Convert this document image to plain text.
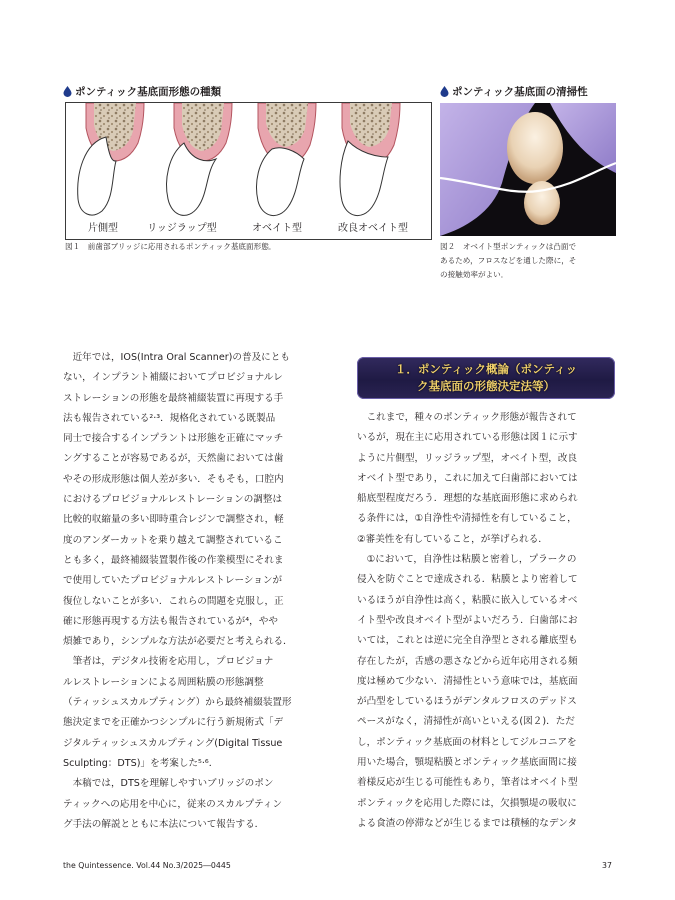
ポンティック基底面形態の種類
片側型	リッジラップ型	オベイト型	改良オベイト型
図１　前歯部ブリッジに応用されるポンティック基底面形態．
ポンティック基底面の清掃性
図２　オベイト型ポンティックは凸面で
あるため，フロスなどを通した際に，そ
の接触効率がよい．
近年では，IOS(Intra Oral Scanner)の普及にとも
ない，インプラント補綴においてプロビジョナルレ
ストレーションの形態を最終補綴装置に再現する手
法も報告されている²·³．規格化されている既製品
同士で接合するインプラントは形態を正確にマッチ
ングすることが容易であるが，天然歯においては歯
やその形成形態は個人差が多い．そもそも，口腔内
におけるプロビジョナルレストレーションの調整は
比較的収縮量の多い即時重合レジンで調整され，軽
度のアンダーカットを乗り越えて調整されているこ
とも多く，最終補綴装置製作後の作業模型にそれま
で使用していたプロビジョナルレストレーションが
復位しないことが多い．これらの問題を克服し，正
確に形態再現する方法も報告されているが⁴，やや
煩雑であり，シンプルな方法が必要だと考えられる．
筆者は，デジタル技術を応用し，プロビジョナ
ルレストレーションによる周囲粘膜の形態調整
（ティッシュスカルプティング）から最終補綴装置形
態決定までを正確かつシンプルに行う新規術式「デ
ジタルティッシュスカルプティング(Digital Tissue
Sculpting：DTS)」を考案した⁵·⁶．
本稿では，DTSを理解しやすいブリッジのポン
ティックへの応用を中心に，従来のスカルプティン
グ手法の解説とともに本法について報告する．
１．ポンティック概論（ポンティッ
ク基底面の形態決定法等）
これまで，種々のポンティック形態が報告されて
いるが，現在主に応用されている形態は図１に示す
ように片側型，リッジラップ型，オベイト型，改良
オベイト型であり，これに加えて臼歯部においては
船底型程度だろう．理想的な基底面形態に求められ
る条件には，①自浄性や清掃性を有していること，
②審美性を有していること，が挙げられる．
①において，自浄性は粘膜と密着し，プラークの
侵入を防ぐことで達成される．粘膜とより密着して
いるほうが自浄性は高く，粘膜に嵌入しているオベ
イト型や改良オベイト型がよいだろう．臼歯部にお
いては，これとは逆に完全自浄型とされる離底型も
存在したが，舌感の悪さなどから近年応用される頻
度は極めて少ない．清掃性という意味では，基底面
が凸型をしているほうがデンタルフロスのデッドス
ペースがなく，清掃性が高いといえる(図２)．ただ
し，ポンティック基底面の材料としてジルコニアを
用いた場合，顎堤粘膜とポンティック基底面間に接
着様反応が生じる可能性もあり，筆者はオベイト型
ポンティックを応用した際には，欠損顎堤の吸収に
よる食渣の停滞などが生じるまでは積極的なデンタ
the Quintessence. Vol.44 No.3/2025―0445	37
